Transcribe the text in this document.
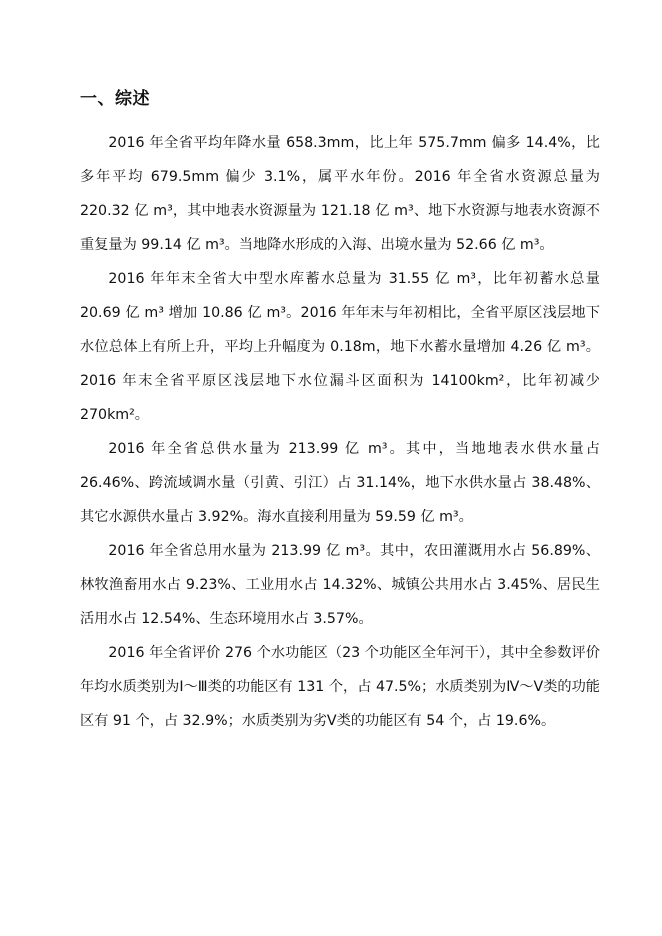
一、综述

2016 年全省平均年降水量 658.3mm，比上年 575.7mm 偏多 14.4%，比多年平均 679.5mm 偏少 3.1%，属平水年份。2016 年全省水资源总量为 220.32 亿 m³，其中地表水资源量为 121.18 亿 m³、地下水资源与地表水资源不重复量为 99.14 亿 m³。当地降水形成的入海、出境水量为 52.66 亿 m³。

2016 年年末全省大中型水库蓄水总量为 31.55 亿 m³，比年初蓄水总量 20.69 亿 m³ 增加 10.86 亿 m³。2016 年年末与年初相比，全省平原区浅层地下水位总体上有所上升，平均上升幅度为 0.18m，地下水蓄水量增加 4.26 亿 m³。2016 年末全省平原区浅层地下水位漏斗区面积为 14100km²，比年初减少 270km²。

2016 年全省总供水量为 213.99 亿 m³。其中，当地地表水供水量占 26.46%、跨流域调水量（引黄、引江）占 31.14%，地下水供水量占 38.48%、其它水源供水量占 3.92%。海水直接利用量为 59.59 亿 m³。

2016 年全省总用水量为 213.99 亿 m³。其中，农田灌溉用水占 56.89%、林牧渔畜用水占 9.23%、工业用水占 14.32%、城镇公共用水占 3.45%、居民生活用水占 12.54%、生态环境用水占 3.57%。

2016 年全省评价 276 个水功能区（23 个功能区全年河干），其中全参数评价年均水质类别为Ⅰ～Ⅲ类的功能区有 131 个，占 47.5%；水质类别为Ⅳ～Ⅴ类的功能区有 91 个，占 32.9%；水质类别为劣Ⅴ类的功能区有 54 个，占 19.6%。
